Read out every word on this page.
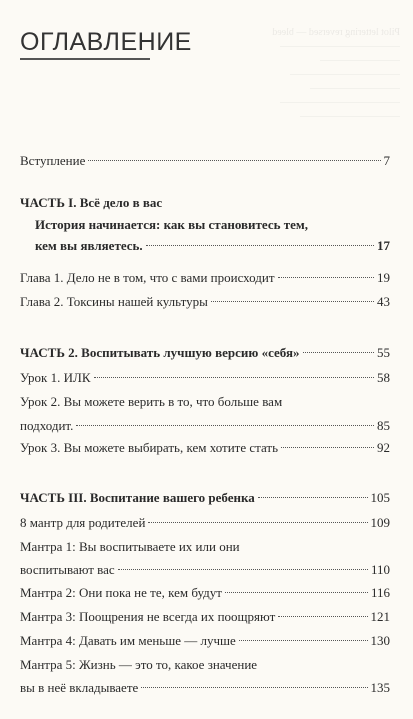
Pilot lettering reversed — bleed
————————————
————————
———————————
—————————
————————————
——————————
ОГЛАВЛЕНИЕ
Вступление	7
ЧАСТЬ I. Всё дело в вас
История начинается: как вы становитесь тем,
кем вы являетесь.	17
Глава 1. Дело не в том, что с вами происходит	19
Глава 2. Токсины нашей культуры	43
ЧАСТЬ 2. Воспитывать лучшую версию «себя»	55
Урок 1. ИЛК	58
Урок 2. Вы можете верить в то, что больше вам
подходит.	85
Урок 3. Вы можете выбирать, кем хотите стать	92
ЧАСТЬ III. Воспитание вашего ребенка	105
8 мантр для родителей	109
Мантра 1: Вы воспитываете их или они
воспитывают вас	110
Мантра 2: Они пока не те, кем будут	116
Мантра 3: Поощрения не всегда их поощряют	121
Мантра 4: Давать им меньше — лучше	130
Мантра 5: Жизнь — это то, какое значение
вы в неё вкладываете	135
